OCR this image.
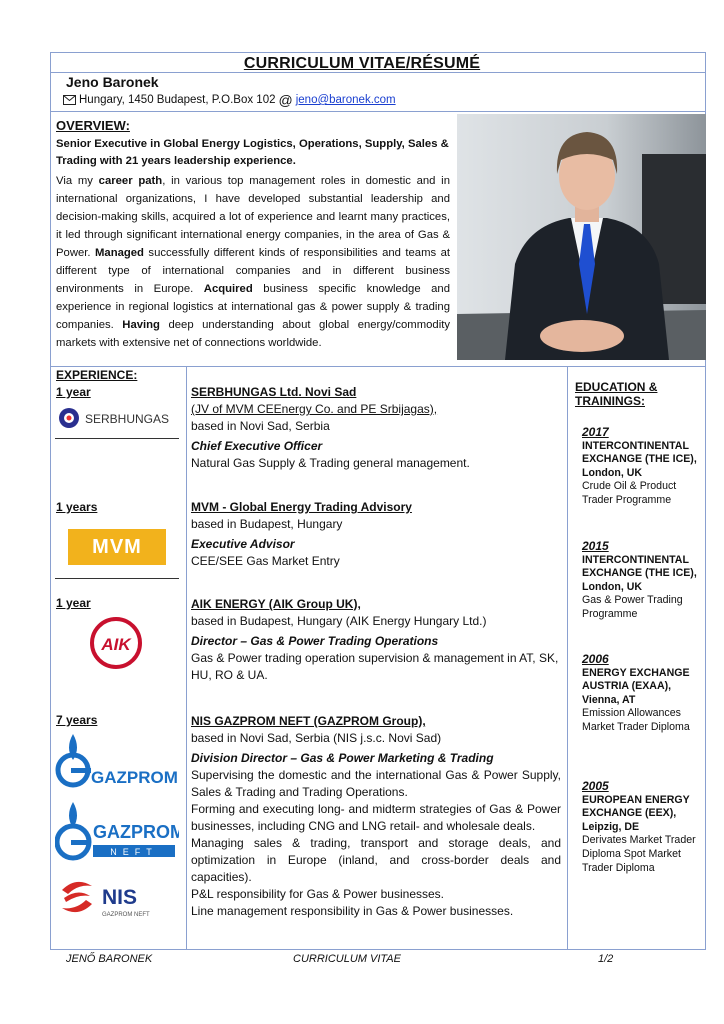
CURRICULUM VITAE/RÉSUMÉ
Jeno Baronek
Hungary, 1450 Budapest, P.O.Box 102 @ jeno@baronek.com
OVERVIEW:
Senior Executive in Global Energy Logistics, Operations, Supply, Sales & Trading with 21 years leadership experience.
Via my career path, in various top management roles in domestic and in international organizations, I have developed substantial leadership and decision-making skills, acquired a lot of experience and learnt many practices, it led through significant international energy companies, in the area of Gas & Power. Managed successfully different kinds of responsibilities and teams at different type of international companies and in different business environments in Europe. Acquired business specific knowledge and experience in regional logistics at international gas & power supply & trading companies. Having deep understanding about global energy/commodity markets with extensive net of connections worldwide.
EXPERIENCE:
1 year
SERBHUNGAS
SERBHUNGAS Ltd. Novi Sad
(JV of MVM CEEnergy Co. and PE Srbijagas),
based in Novi Sad, Serbia
Chief Executive Officer
Natural Gas Supply & Trading general management.
1 years
MVM
MVM - Global Energy Trading Advisory
based in Budapest, Hungary
Executive Advisor
CEE/SEE Gas Market Entry
1 year
AIK
AIK ENERGY (AIK Group UK),
based in Budapest, Hungary (AIK Energy Hungary Ltd.)
Director – Gas & Power Trading Operations
Gas & Power trading operation supervision & management in AT, SK, HU, RO & UA.
7 years
GAZPROM
GAZPROM
NEFT
NIS
GAZPROM NEFT
NIS GAZPROM NEFT (GAZPROM Group),
based in Novi Sad, Serbia (NIS j.s.c. Novi Sad)
Division Director – Gas & Power Marketing & Trading
Supervising the domestic and the international Gas & Power Supply, Sales & Trading and Trading Operations.
Forming and executing long- and midterm strategies of Gas & Power businesses, including CNG and LNG retail- and wholesale deals.
Managing sales & trading, transport and storage deals, and optimization in Europe (inland, and cross-border deals and capacities).
P&L responsibility for Gas & Power businesses.
Line management responsibility in Gas & Power businesses.
EDUCATION & TRAININGS:
2017
INTERCONTINENTAL EXCHANGE (THE ICE), London, UK
Crude Oil & Product Trader Programme
2015
INTERCONTINENTAL EXCHANGE (THE ICE), London, UK
Gas & Power Trading Programme
2006
ENERGY EXCHANGE AUSTRIA (EXAA), Vienna, AT
Emission Allowances Market Trader Diploma
2005
EUROPEAN ENERGY EXCHANGE (EEX), Leipzig, DE
Derivates Market Trader Diploma Spot Market Trader Diploma
JENŐ BARONEK	CURRICULUM VITAE	1/2
